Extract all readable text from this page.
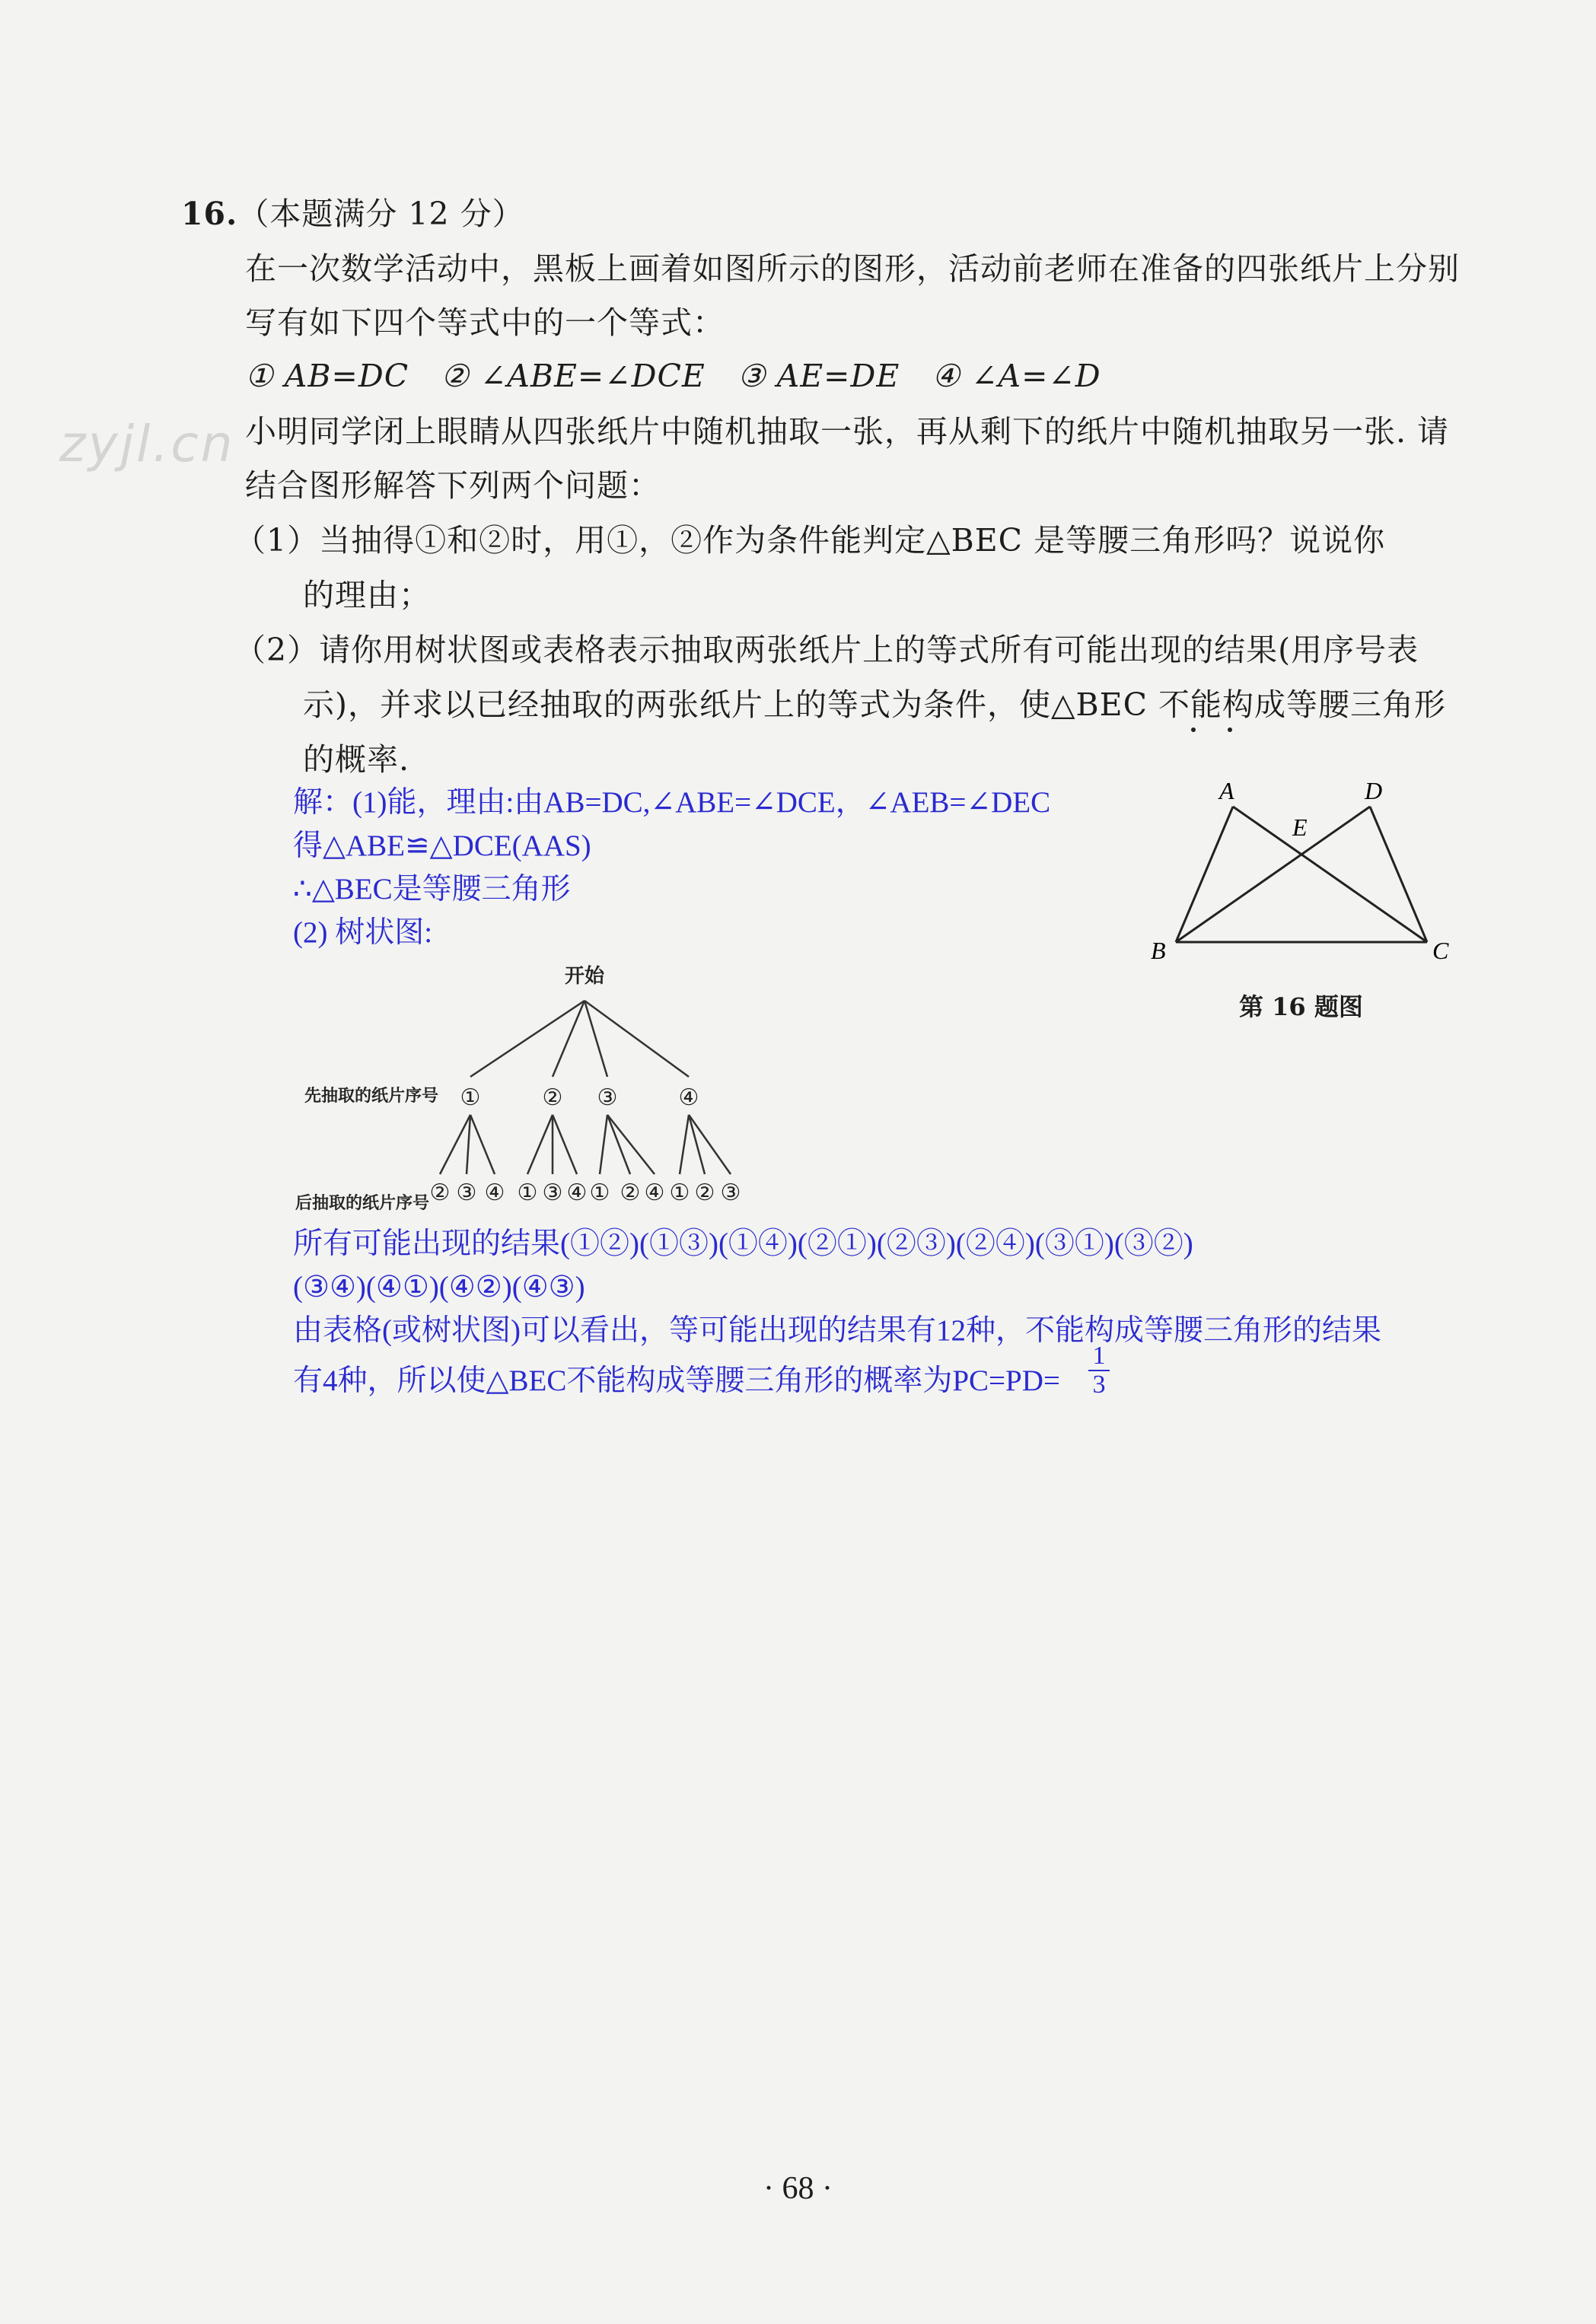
zyjl.cn
16.（本题满分 12 分）
在一次数学活动中，黑板上画着如图所示的图形，活动前老师在准备的四张纸片上分别
写有如下四个等式中的一个等式：
① AB=DC ② ∠ABE=∠DCE ③ AE=DE ④ ∠A=∠D
小明同学闭上眼睛从四张纸片中随机抽取一张，再从剩下的纸片中随机抽取另一张. 请
结合图形解答下列两个问题：
（1）当抽得①和②时，用①，②作为条件能判定△BEC 是等腰三角形吗？说说你
的理由；
（2）请你用树状图或表格表示抽取两张纸片上的等式所有可能出现的结果(用序号表
示)，并求以已经抽取的两张纸片上的等式为条件，使△BEC 不能构成等腰三角形
的概率.
A	D
E
B	C
第 16 题图
解：(1)能，理由:由AB=DC,∠ABE=∠DCE，∠AEB=∠DEC
得△ABE≌△DCE(AAS)
∴△BEC是等腰三角形
(2) 树状图:
开始
先抽取的纸片序号
后抽取的纸片序号
①	② ③	④
② ③ ④ ① ③ ④ ① ② ④ ① ② ③
所有可能出现的结果(①②)(①③)(①④)(②①)(②③)(②④)(③①)(③②)
(③④)(④①)(④②)(④③)
由表格(或树状图)可以看出，等可能出现的结果有12种，不能构成等腰三角形的结果
有4种，所以使△BEC不能构成等腰三角形的概率为PC=PD=
1
3
· 68 ·
